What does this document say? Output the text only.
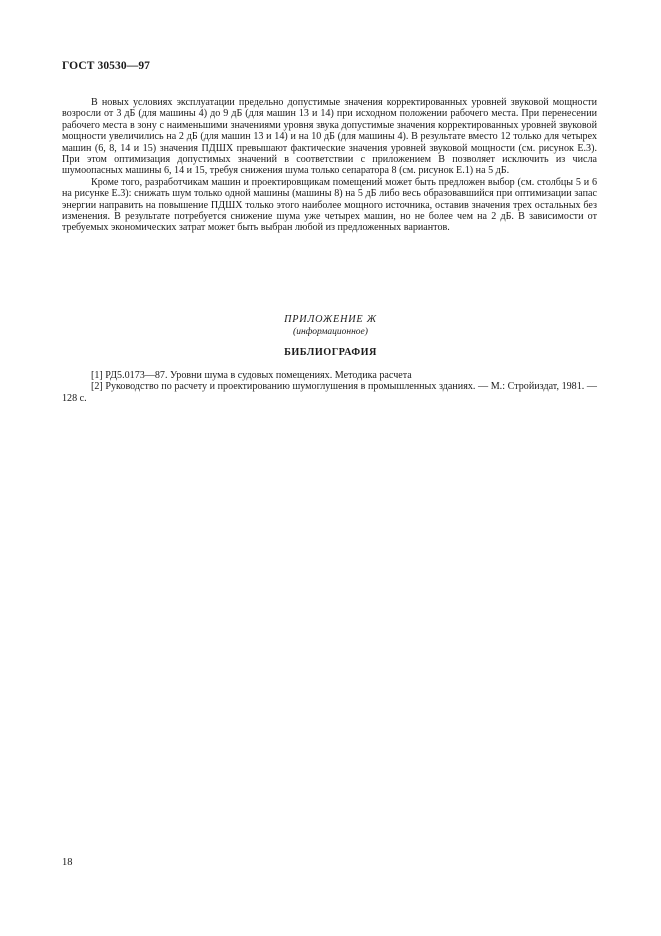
ГОСТ 30530—97

В новых условиях эксплуатации предельно допустимые значения корректированных уровней звуковой мощности возросли от 3 дБ (для машины 4) до 9 дБ (для машин 13 и 14) при исходном положении рабочего места. При перенесении рабочего места в зону с наименьшими значениями уровня звука допустимые значения корректированных уровней звуковой мощности увеличились на 2 дБ (для машин 13 и 14) и на 10 дБ (для машины 4). В результате вместо 12 только для четырех машин (6, 8, 14 и 15) значения ПДШХ превышают фактические значения уровней звуковой мощности (см. рисунок Е.3). При этом оптимизация допустимых значений в соответствии с приложением В позволяет исключить из числа шумоопасных машины 6, 14 и 15, требуя снижения шума только сепаратора 8 (см. рисунок Е.1) на 5 дБ.

Кроме того, разработчикам машин и проектировщикам помещений может быть предложен выбор (см. столбцы 5 и 6 на рисунке Е.3): снижать шум только одной машины (машины 8) на 5 дБ либо весь образовавшийся при оптимизации запас энергии направить на повышение ПДШХ только этого наиболее мощного источника, оставив значения трех остальных без изменения. В результате потребуется снижение шума уже четырех машин, но не более чем на 2 дБ. В зависимости от требуемых экономических затрат может быть выбран любой из предложенных вариантов.

ПРИЛОЖЕНИЕ Ж
(информационное)
БИБЛИОГРАФИЯ

[1] РД5.0173—87. Уровни шума в судовых помещениях. Методика расчета

[2] Руководство по расчету и проектированию шумоглушения в промышленных зданиях. — М.: Стройиздат, 1981. — 128 с.

18
